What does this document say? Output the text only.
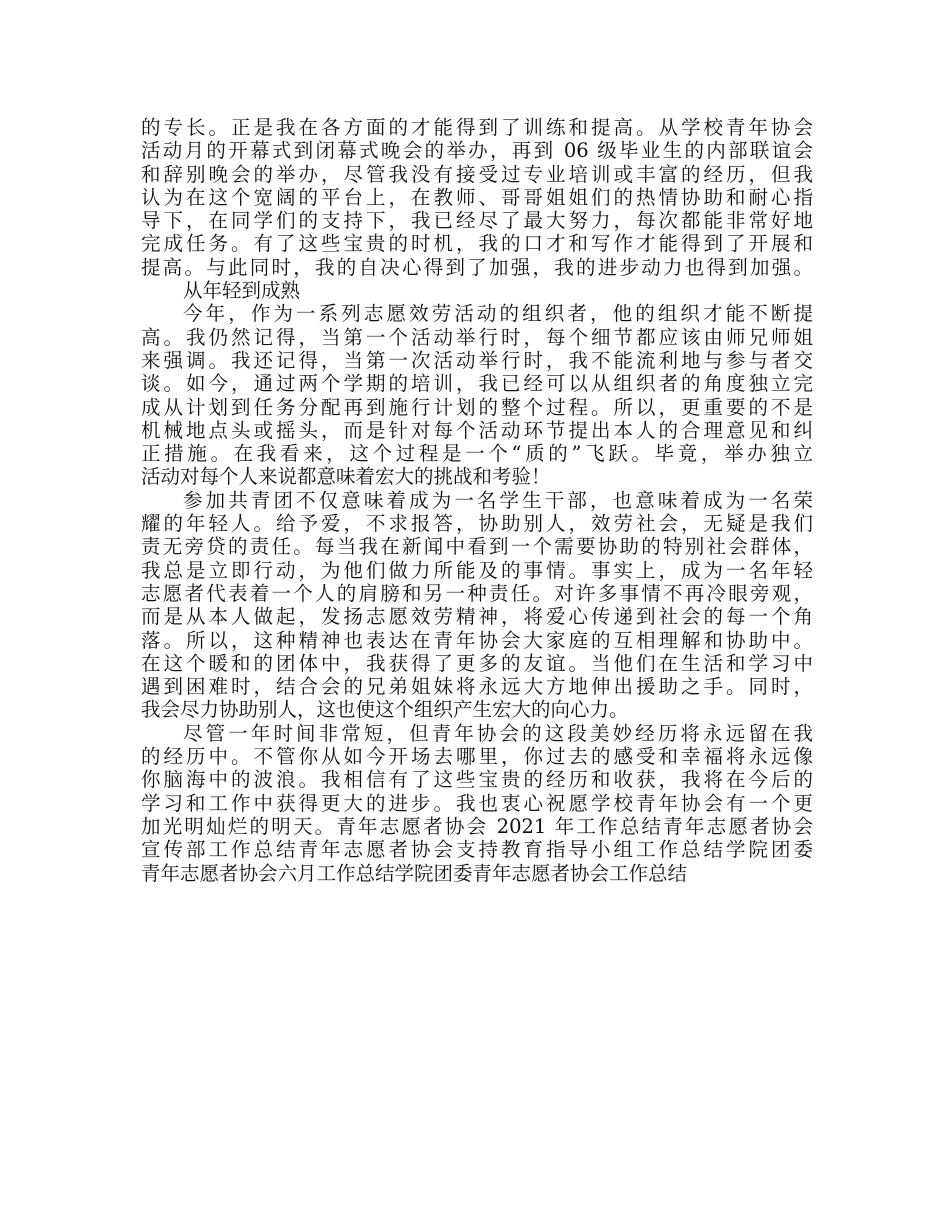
的专长。正是我在各方面的才能得到了训练和提高。从学校青年协会
活动月的开幕式到闭幕式晚会的举办，再到 06 级毕业生的内部联谊会
和辞别晚会的举办，尽管我没有接受过专业培训或丰富的经历，但我
认为在这个宽阔的平台上，在教师、哥哥姐姐们的热情协助和耐心指
导下，在同学们的支持下，我已经尽了最大努力，每次都能非常好地
完成任务。有了这些宝贵的时机，我的口才和写作才能得到了开展和
提高。与此同时，我的自决心得到了加强，我的进步动力也得到加强。
从年轻到成熟
今年，作为一系列志愿效劳活动的组织者，他的组织才能不断提
高。我仍然记得，当第一个活动举行时，每个细节都应该由师兄师姐
来强调。我还记得，当第一次活动举行时，我不能流利地与参与者交
谈。如今，通过两个学期的培训，我已经可以从组织者的角度独立完
成从计划到任务分配再到施行计划的整个过程。所以，更重要的不是
机械地点头或摇头，而是针对每个活动环节提出本人的合理意见和纠
正措施。在我看来，这个过程是一个“质的”飞跃。毕竟，举办独立
活动对每个人来说都意味着宏大的挑战和考验！
参加共青团不仅意味着成为一名学生干部，也意味着成为一名荣
耀的年轻人。给予爱，不求报答，协助别人，效劳社会，无疑是我们
责无旁贷的责任。每当我在新闻中看到一个需要协助的特别社会群体，
我总是立即行动，为他们做力所能及的事情。事实上，成为一名年轻
志愿者代表着一个人的肩膀和另一种责任。对许多事情不再冷眼旁观，
而是从本人做起，发扬志愿效劳精神，将爱心传递到社会的每一个角
落。所以，这种精神也表达在青年协会大家庭的互相理解和协助中。
在这个暖和的团体中，我获得了更多的友谊。当他们在生活和学习中
遇到困难时，结合会的兄弟姐妹将永远大方地伸出援助之手。同时，
我会尽力协助别人，这也使这个组织产生宏大的向心力。
尽管一年时间非常短，但青年协会的这段美妙经历将永远留在我
的经历中。不管你从如今开场去哪里，你过去的感受和幸福将永远像
你脑海中的波浪。我相信有了这些宝贵的经历和收获，我将在今后的
学习和工作中获得更大的进步。我也衷心祝愿学校青年协会有一个更
加光明灿烂的明天。青年志愿者协会 2021 年工作总结青年志愿者协会
宣传部工作总结青年志愿者协会支持教育指导小组工作总结学院团委
青年志愿者协会六月工作总结学院团委青年志愿者协会工作总结
